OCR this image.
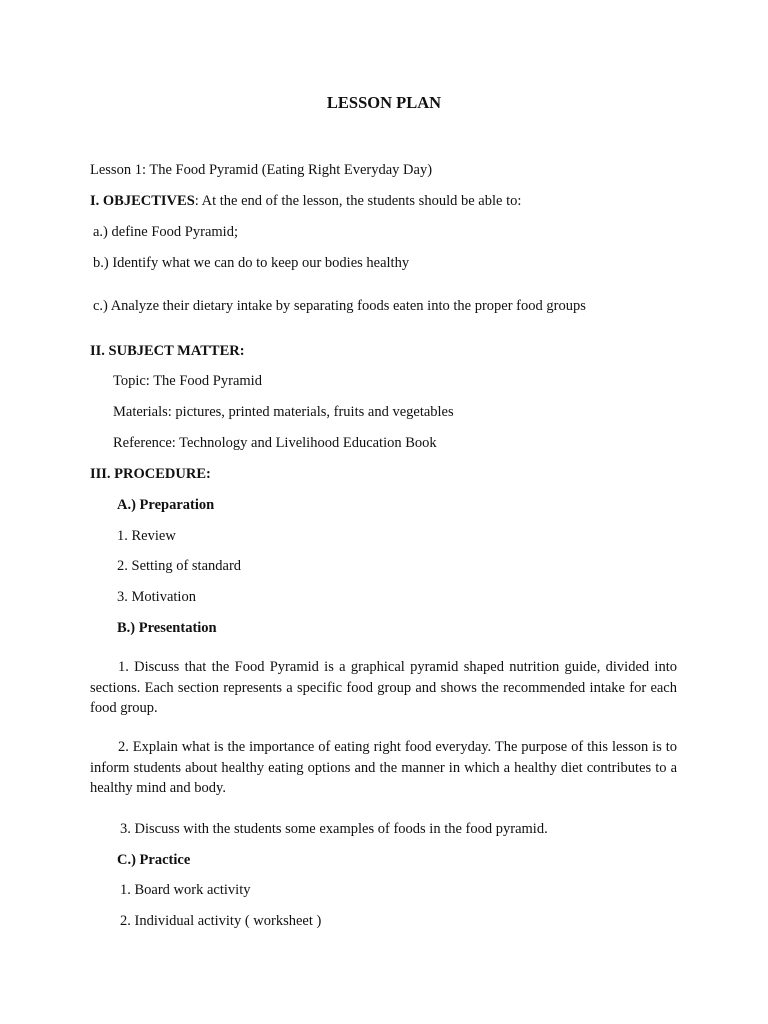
LESSON PLAN
Lesson 1: The Food Pyramid (Eating Right Everyday Day)
I. OBJECTIVES: At the end of the lesson, the students should be able to:
a.) define Food Pyramid;
b.) Identify what we can do to keep our bodies healthy
c.) Analyze their dietary intake by separating foods eaten into the proper food groups
II. SUBJECT MATTER:
Topic: The Food Pyramid
Materials: pictures, printed materials, fruits and vegetables
Reference: Technology and Livelihood Education Book
III. PROCEDURE:
A.) Preparation
1. Review
2. Setting of standard
3. Motivation
B.) Presentation
1. Discuss that the Food Pyramid is a graphical pyramid shaped nutrition guide, divided into sections. Each section represents a specific food group and shows the recommended intake for each food group.
2. Explain what is the importance of eating right food everyday. The purpose of this lesson is to inform students about healthy eating options and the manner in which a healthy diet contributes to a healthy mind and body.
3. Discuss with the students some examples of foods in the food pyramid.
C.) Practice
1. Board work activity
2. Individual activity ( worksheet )
